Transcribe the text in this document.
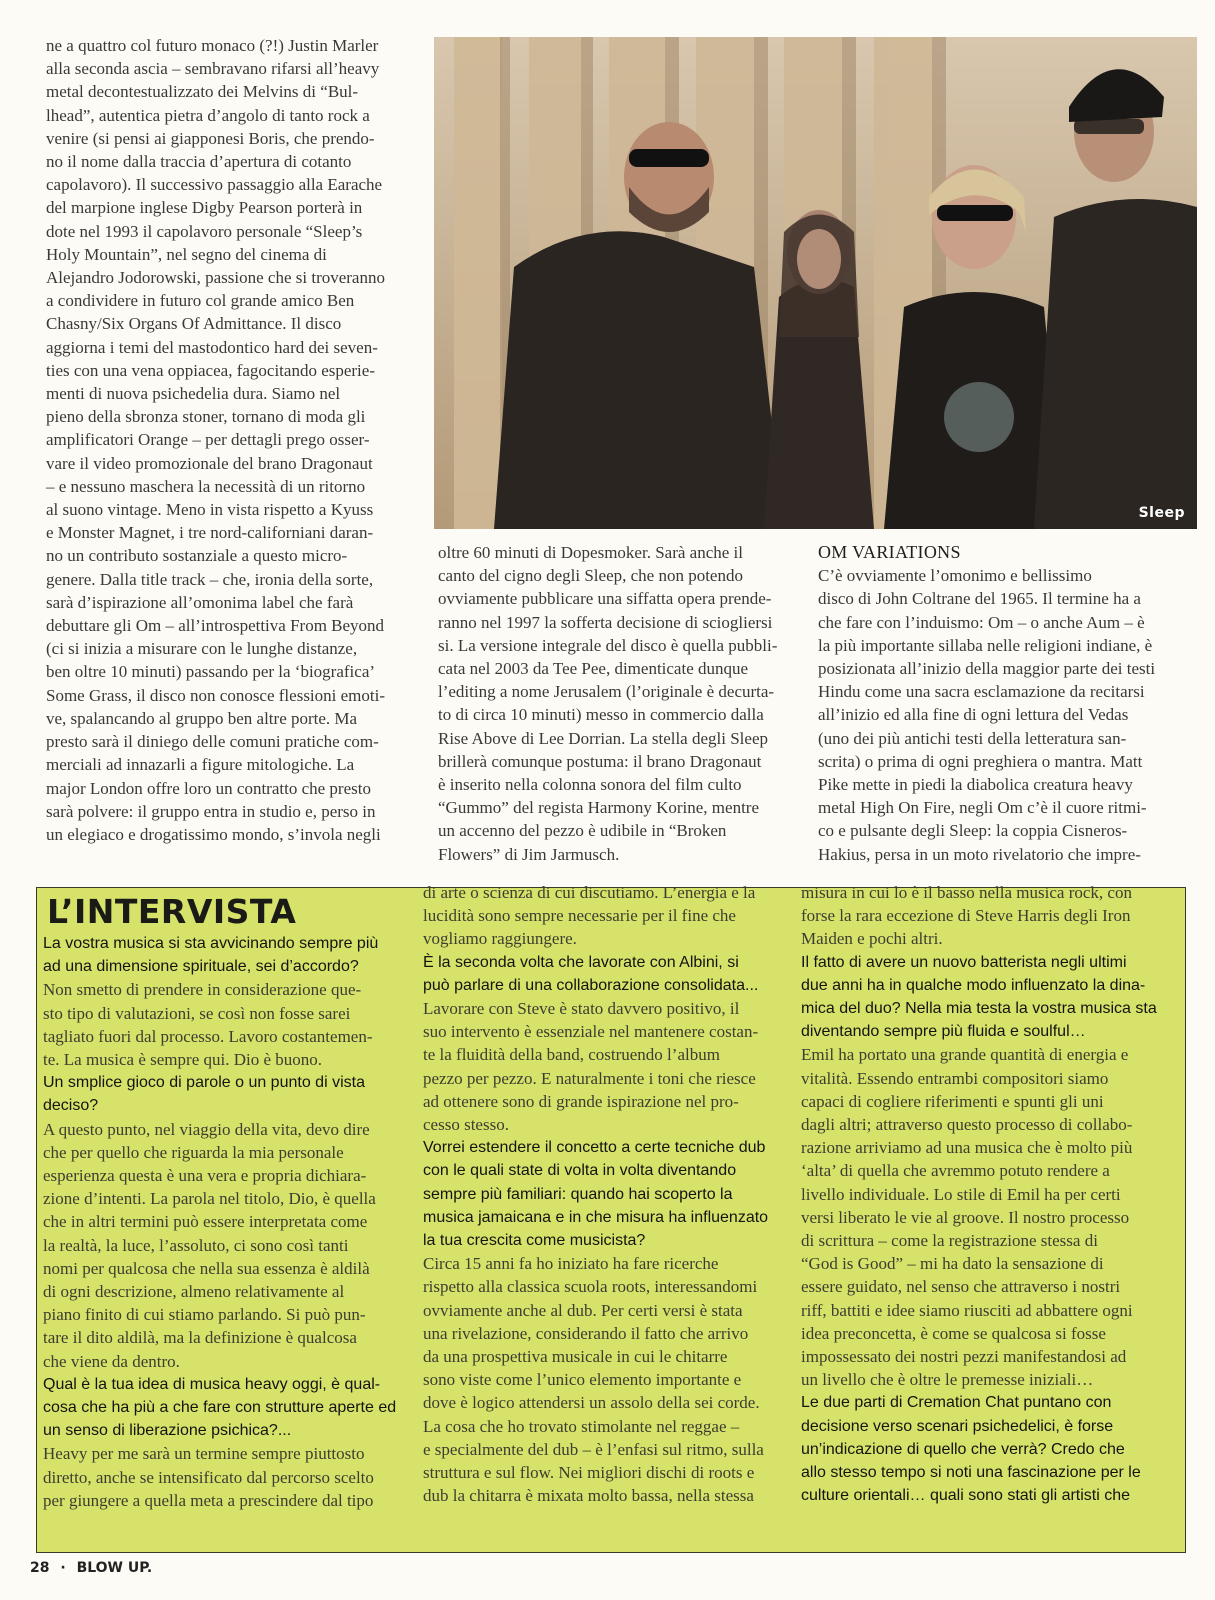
ne a quattro col futuro monaco (?!) Justin Marler
alla seconda ascia – sembravano rifarsi all’heavy
metal decontestualizzato dei Melvins di “Bul-
lhead”, autentica pietra d’angolo di tanto rock a
venire (si pensi ai giapponesi Boris, che prendo-
no il nome dalla traccia d’apertura di cotanto
capolavoro). Il successivo passaggio alla Earache
del marpione inglese Digby Pearson porterà in
dote nel 1993 il capolavoro personale “Sleep’s
Holy Mountain”, nel segno del cinema di
Alejandro Jodorowski, passione che si troveranno
a condividere in futuro col grande amico Ben
Chasny/Six Organs Of Admittance. Il disco
aggiorna i temi del mastodontico hard dei seven-
ties con una vena oppiacea, fagocitando esperie-
menti di nuova psichedelia dura. Siamo nel
pieno della sbronza stoner, tornano di moda gli
amplificatori Orange – per dettagli prego osser-
vare il video promozionale del brano Dragonaut
– e nessuno maschera la necessità di un ritorno
al suono vintage. Meno in vista rispetto a Kyuss
e Monster Magnet, i tre nord-californiani daran-
no un contributo sostanziale a questo micro-
genere. Dalla title track – che, ironia della sorte,
sarà d’ispirazione all’omonima label che farà
debuttare gli Om – all’introspettiva From Beyond
(ci si inizia a misurare con le lunghe distanze,
ben oltre 10 minuti) passando per la ‘biografica’
Some Grass, il disco non conosce flessioni emoti-
ve, spalancando al gruppo ben altre porte. Ma
presto sarà il diniego delle comuni pratiche com-
merciali ad innazarli a figure mitologiche. La
major London offre loro un contratto che presto
sarà polvere: il gruppo entra in studio e, perso in
un elegiaco e drogatissimo mondo, s’invola negli
Sleep
oltre 60 minuti di Dopesmoker. Sarà anche il
canto del cigno degli Sleep, che non potendo
ovviamente pubblicare una siffatta opera prende-
ranno nel 1997 la sofferta decisione di sciogliersi
si. La versione integrale del disco è quella pubbli-
cata nel 2003 da Tee Pee, dimenticate dunque
l’editing a nome Jerusalem (l’originale è decurta-
to di circa 10 minuti) messo in commercio dalla
Rise Above di Lee Dorrian. La stella degli Sleep
brillerà comunque postuma: il brano Dragonaut
è inserito nella colonna sonora del film culto
“Gummo” del regista Harmony Korine, mentre
un accenno del pezzo è udibile in “Broken
Flowers” di Jim Jarmusch.
OM VARIATIONS
C’è ovviamente l’omonimo e bellissimo
disco di John Coltrane del 1965. Il termine ha a
che fare con l’induismo: Om – o anche Aum – è
la più importante sillaba nelle religioni indiane, è
posizionata all’inizio della maggior parte dei testi
Hindu come una sacra esclamazione da recitarsi
all’inizio ed alla fine di ogni lettura del Vedas
(uno dei più antichi testi della letteratura san-
scrita) o prima di ogni preghiera o mantra. Matt
Pike mette in piedi la diabolica creatura heavy
metal High On Fire, negli Om c’è il cuore ritmi-
co e pulsante degli Sleep: la coppia Cisneros-
Hakius, persa in un moto rivelatorio che impre-
L’INTERVISTA
La vostra musica si sta avvicinando sempre più
ad una dimensione spirituale, sei d’accordo?
Non smetto di prendere in considerazione que-
sto tipo di valutazioni, se così non fosse sarei
tagliato fuori dal processo. Lavoro costantemen-
te. La musica è sempre qui. Dio è buono.
Un smplice gioco di parole o un punto di vista
deciso?
A questo punto, nel viaggio della vita, devo dire
che per quello che riguarda la mia personale
esperienza questa è una vera e propria dichiara-
zione d’intenti. La parola nel titolo, Dio, è quella
che in altri termini può essere interpretata come
la realtà, la luce, l’assoluto, ci sono così tanti
nomi per qualcosa che nella sua essenza è aldilà
di ogni descrizione, almeno relativamente al
piano finito di cui stiamo parlando. Si può pun-
tare il dito aldilà, ma la definizione è qualcosa
che viene da dentro.
Qual è la tua idea di musica heavy oggi, è qual-
cosa che ha più a che fare con strutture aperte ed
un senso di liberazione psichica?...
Heavy per me sarà un termine sempre piuttosto
diretto, anche se intensificato dal percorso scelto
per giungere a quella meta a prescindere dal tipo
di arte o scienza di cui discutiamo. L’energia e la
lucidità sono sempre necessarie per il fine che
vogliamo raggiungere.
È la seconda volta che lavorate con Albini, si
può parlare di una collaborazione consolidata...
Lavorare con Steve è stato davvero positivo, il
suo intervento è essenziale nel mantenere costan-
te la fluidità della band, costruendo l’album
pezzo per pezzo. E naturalmente i toni che riesce
ad ottenere sono di grande ispirazione nel pro-
cesso stesso.
Vorrei estendere il concetto a certe tecniche dub
con le quali state di volta in volta diventando
sempre più familiari: quando hai scoperto la
musica jamaicana e in che misura ha influenzato
la tua crescita come musicista?
Circa 15 anni fa ho iniziato ha fare ricerche
rispetto alla classica scuola roots, interessandomi
ovviamente anche al dub. Per certi versi è stata
una rivelazione, considerando il fatto che arrivo
da una prospettiva musicale in cui le chitarre
sono viste come l’unico elemento importante e
dove è logico attendersi un assolo della sei corde.
La cosa che ho trovato stimolante nel reggae –
e specialmente del dub – è l’enfasi sul ritmo, sulla
struttura e sul flow. Nei migliori dischi di roots e
dub la chitarra è mixata molto bassa, nella stessa
misura in cui lo è il basso nella musica rock, con
forse la rara eccezione di Steve Harris degli Iron
Maiden e pochi altri.
Il fatto di avere un nuovo batterista negli ultimi
due anni ha in qualche modo influenzato la dina-
mica del duo? Nella mia testa la vostra musica sta
diventando sempre più fluida e soulful…
Emil ha portato una grande quantità di energia e
vitalità. Essendo entrambi compositori siamo
capaci di cogliere riferimenti e spunti gli uni
dagli altri; attraverso questo processo di collabo-
razione arriviamo ad una musica che è molto più
‘alta’ di quella che avremmo potuto rendere a
livello individuale. Lo stile di Emil ha per certi
versi liberato le vie al groove. Il nostro processo
di scrittura – come la registrazione stessa di
“God is Good” – mi ha dato la sensazione di
essere guidato, nel senso che attraverso i nostri
riff, battiti e idee siamo riusciti ad abbattere ogni
idea preconcetta, è come se qualcosa si fosse
impossessato dei nostri pezzi manifestandosi ad
un livello che è oltre le premesse iniziali…
Le due parti di Cremation Chat puntano con
decisione verso scenari psichedelici, è forse
un’indicazione di quello che verrà? Credo che
allo stesso tempo si noti una fascinazione per le
culture orientali… quali sono stati gli artisti che
28 · BLOW UP.
